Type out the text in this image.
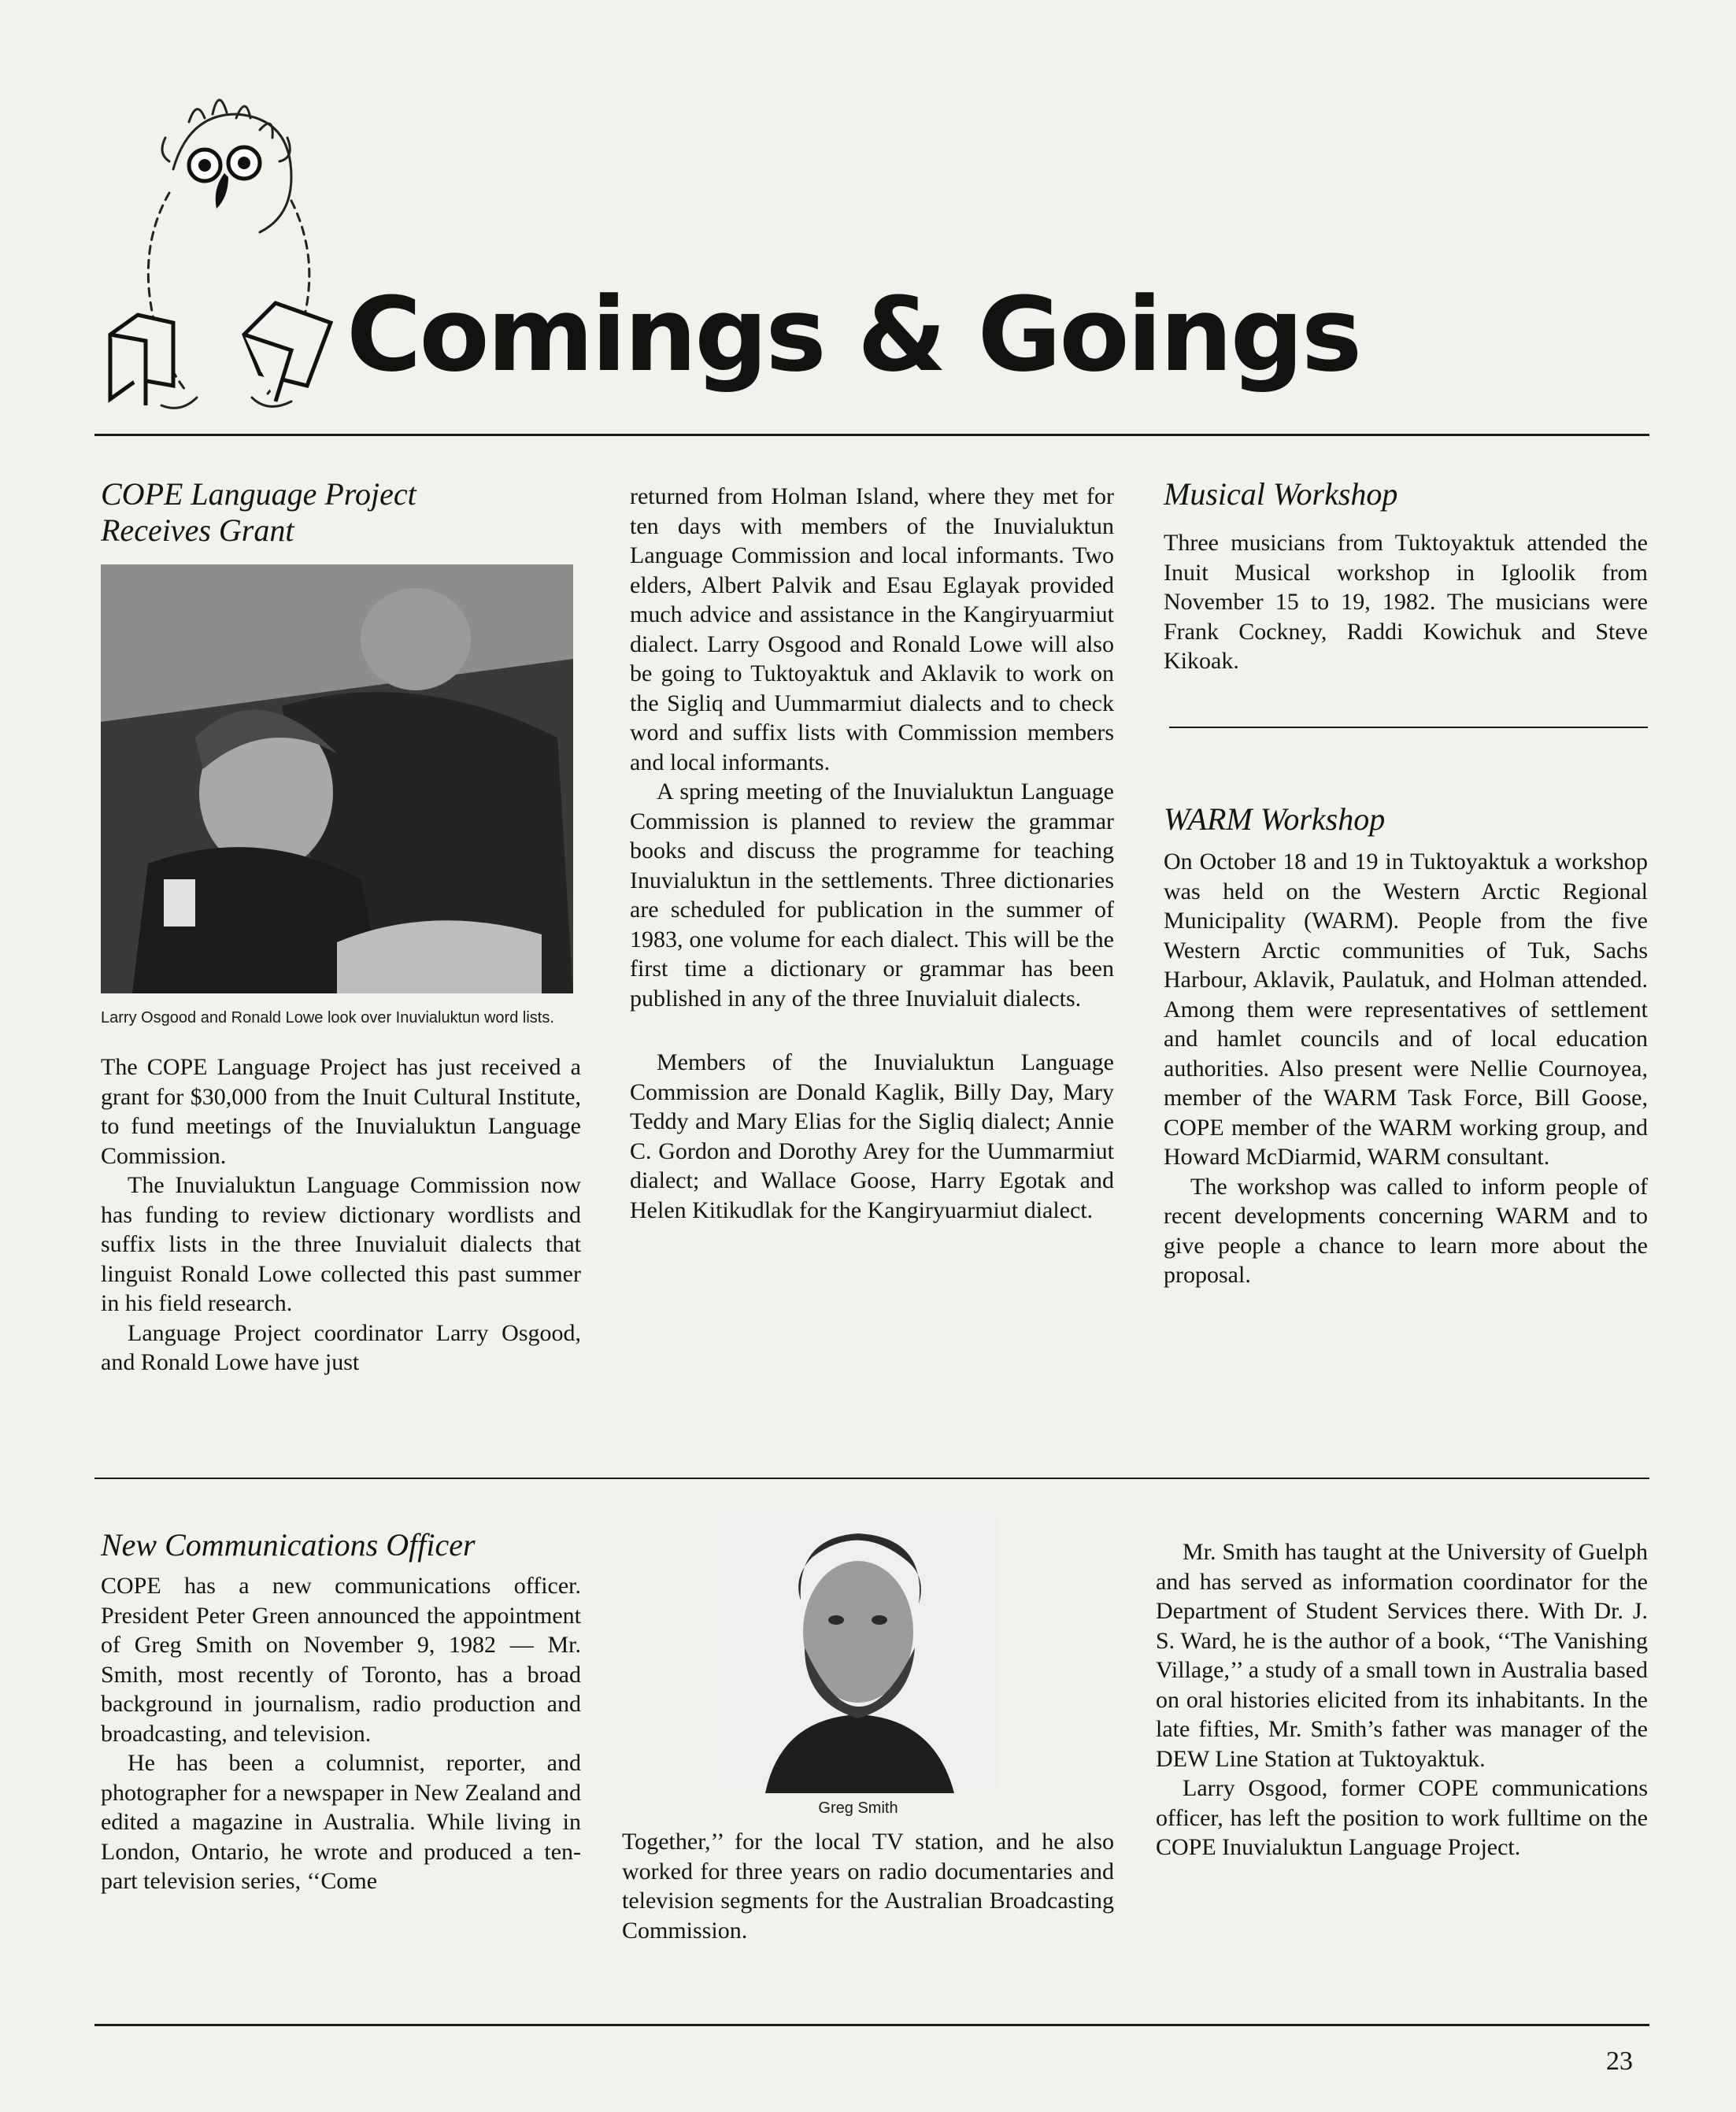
Comings & Goings
COPE Language Project
Receives Grant
Larry Osgood and Ronald Lowe look over Inuvialuktun word lists.

The COPE Language Project has just received a grant for $30,000 from the Inuit Cultural Institute, to fund meetings of the Inuvialuktun Language Commission.

The Inuvialuktun Language Commission now has funding to review dictionary wordlists and suffix lists in the three Inuvialuit dialects that linguist Ronald Lowe collected this past summer in his field research.

Language Project coordinator Larry Osgood, and Ronald Lowe have just

returned from Holman Island, where they met for ten days with members of the Inuvialuktun Language Commission and local informants. Two elders, Albert Palvik and Esau Eglayak provided much advice and assistance in the Kangiryuarmiut dialect. Larry Osgood and Ronald Lowe will also be going to Tuktoyaktuk and Aklavik to work on the Sigliq and Uummarmiut dialects and to check word and suffix lists with Commission members and local informants.

A spring meeting of the Inuvialuktun Language Commission is planned to review the grammar books and discuss the programme for teaching Inuvialuktun in the settlements. Three dictionaries are scheduled for publication in the summer of 1983, one volume for each dialect. This will be the first time a dictionary or grammar has been published in any of the three Inuvialuit dialects.

Members of the Inuvialuktun Language Commission are Donald Kaglik, Billy Day, Mary Teddy and Mary Elias for the Sigliq dialect; Annie C. Gordon and Dorothy Arey for the Uummarmiut dialect; and Wallace Goose, Harry Egotak and Helen Kitikudlak for the Kangiryuarmiut dialect.

Musical Workshop

Three musicians from Tuktoyaktuk attended the Inuit Musical workshop in Igloolik from November 15 to 19, 1982. The musicians were Frank Cockney, Raddi Kowichuk and Steve Kikoak.

WARM Workshop

On October 18 and 19 in Tuktoyaktuk a workshop was held on the Western Arctic Regional Municipality (WARM). People from the five Western Arctic communities of Tuk, Sachs Harbour, Aklavik, Paulatuk, and Holman attended. Among them were representatives of settlement and hamlet councils and of local education authorities. Also present were Nellie Cournoyea, member of the WARM Task Force, Bill Goose, COPE member of the WARM working group, and Howard McDiarmid, WARM consultant.

The workshop was called to inform people of recent developments concerning WARM and to give people a chance to learn more about the proposal.

New Communications Officer

COPE has a new communications officer. President Peter Green announced the appointment of Greg Smith on November 9, 1982 — Mr. Smith, most recently of Toronto, has a broad background in journalism, radio production and broadcasting, and television.

He has been a columnist, reporter, and photographer for a newspaper in New Zealand and edited a magazine in Australia. While living in London, Ontario, he wrote and produced a ten-part television series, ‘‘Come

Greg Smith

Together,’’ for the local TV station, and he also worked for three years on radio documentaries and television segments for the Australian Broadcasting Commission.

Mr. Smith has taught at the University of Guelph and has served as information coordinator for the Department of Student Services there. With Dr. J. S. Ward, he is the author of a book, ‘‘The Vanishing Village,’’ a study of a small town in Australia based on oral histories elicited from its inhabitants. In the late fifties, Mr. Smith’s father was manager of the DEW Line Station at Tuktoyaktuk.

Larry Osgood, former COPE communications officer, has left the position to work fulltime on the COPE Inuvialuktun Language Project.

23
